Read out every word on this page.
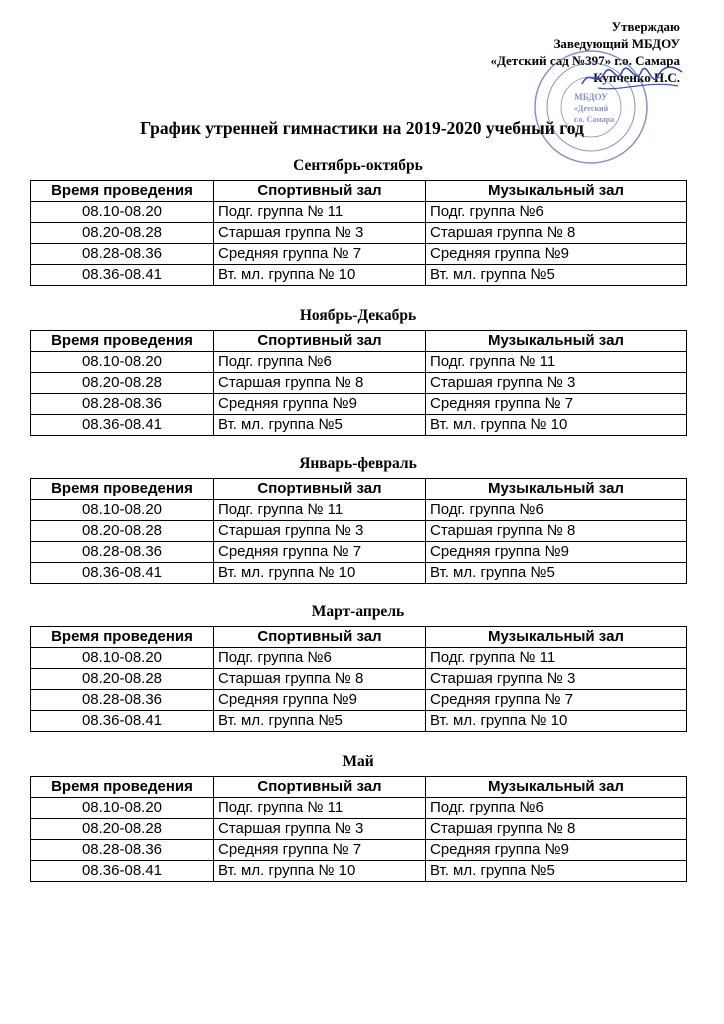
Утверждаю
Заведующий МБДОУ
«Детский сад №397» г.о. Самара
Купченко Н.С.
МБДОУ
«Детский
г.о. Самара
График утренней гимнастики на 2019-2020 учебный год
Сентябрь-октябрь
Время проведения	Спортивный зал	Музыкальный зал
08.10-08.20	Подг. группа № 11	Подг. группа №6
08.20-08.28	Старшая группа № 3	Старшая группа № 8
08.28-08.36	Средняя группа № 7	Средняя группа №9
08.36-08.41	Вт. мл. группа № 10	Вт. мл. группа №5
Ноябрь-Декабрь
Время проведения	Спортивный зал	Музыкальный зал
08.10-08.20	Подг. группа №6	Подг. группа № 11
08.20-08.28	Старшая группа № 8	Старшая группа № 3
08.28-08.36	Средняя группа №9	Средняя группа № 7
08.36-08.41	Вт. мл. группа №5	Вт. мл. группа № 10
Январь-февраль
Время проведения	Спортивный зал	Музыкальный зал
08.10-08.20	Подг. группа № 11	Подг. группа №6
08.20-08.28	Старшая группа № 3	Старшая группа № 8
08.28-08.36	Средняя группа № 7	Средняя группа №9
08.36-08.41	Вт. мл. группа № 10	Вт. мл. группа №5
Март-апрель
Время проведения	Спортивный зал	Музыкальный зал
08.10-08.20	Подг. группа №6	Подг. группа № 11
08.20-08.28	Старшая группа № 8	Старшая группа № 3
08.28-08.36	Средняя группа №9	Средняя группа № 7
08.36-08.41	Вт. мл. группа №5	Вт. мл. группа № 10
Май
Время проведения	Спортивный зал	Музыкальный зал
08.10-08.20	Подг. группа № 11	Подг. группа №6
08.20-08.28	Старшая группа № 3	Старшая группа № 8
08.28-08.36	Средняя группа № 7	Средняя группа №9
08.36-08.41	Вт. мл. группа № 10	Вт. мл. группа №5
